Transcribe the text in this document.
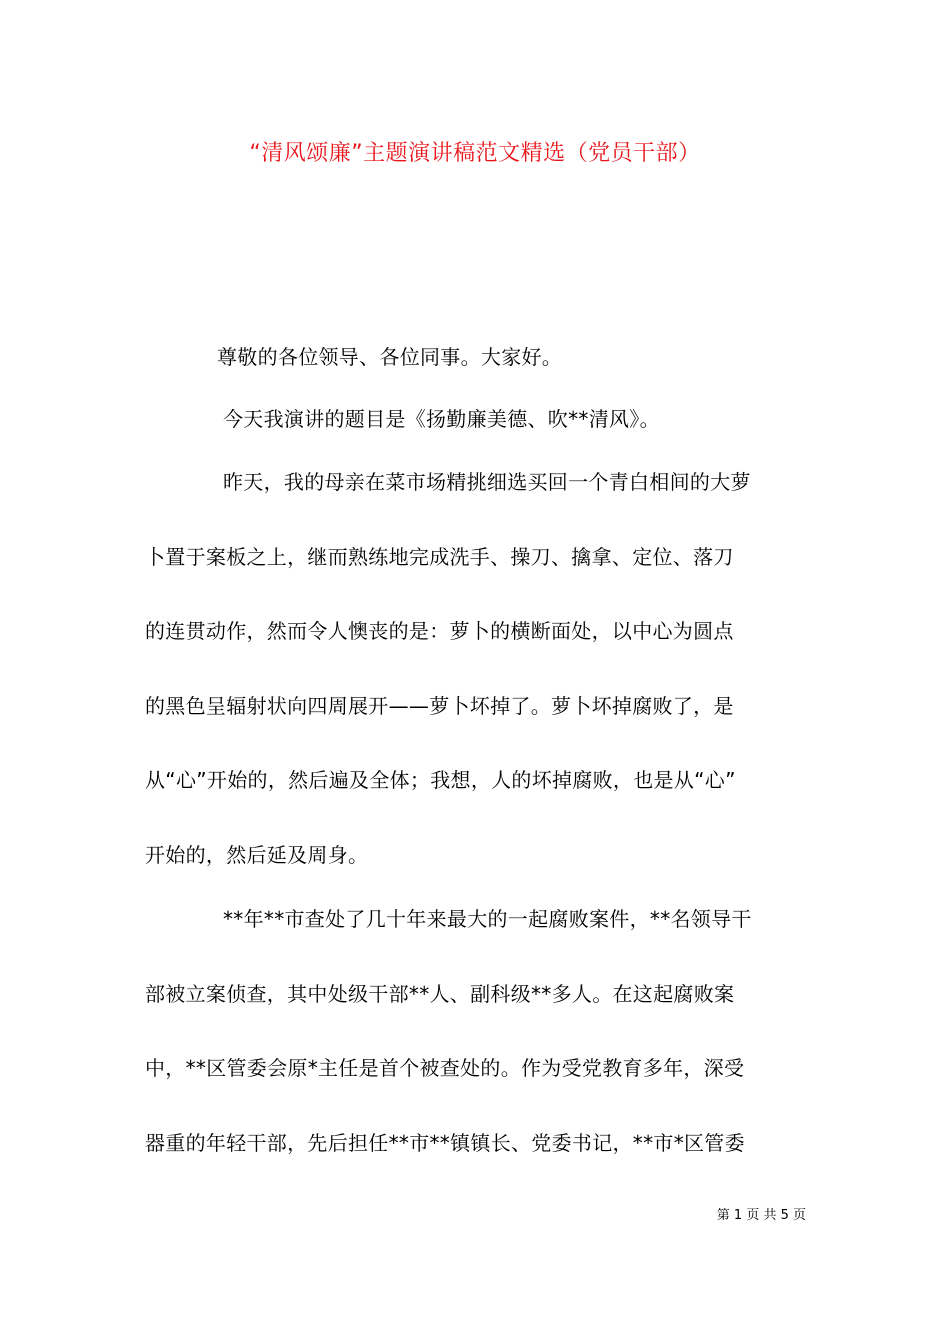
“清风颂廉”主题演讲稿范文精选（党员干部）

尊敬的各位领导、各位同事。大家好。

今天我演讲的题目是《扬勤廉美德、吹**清风》。

昨天，我的母亲在菜市场精挑细选买回一个青白相间的大萝
卜置于案板之上，继而熟练地完成洗手、操刀、擒拿、定位、落刀
的连贯动作，然而令人懊丧的是：萝卜的横断面处，以中心为圆点
的黑色呈辐射状向四周展开——萝卜坏掉了。萝卜坏掉腐败了，是
从“心”开始的，然后遍及全体；我想，人的坏掉腐败，也是从“心”
开始的，然后延及周身。

**年**市查处了几十年来最大的一起腐败案件，**名领导干
部被立案侦查，其中处级干部**人、副科级**多人。在这起腐败案
中，**区管委会原*主任是首个被查处的。作为受党教育多年，深受
器重的年轻干部，先后担任**市**镇镇长、党委书记，**市*区管委

第 1 页 共 5 页
